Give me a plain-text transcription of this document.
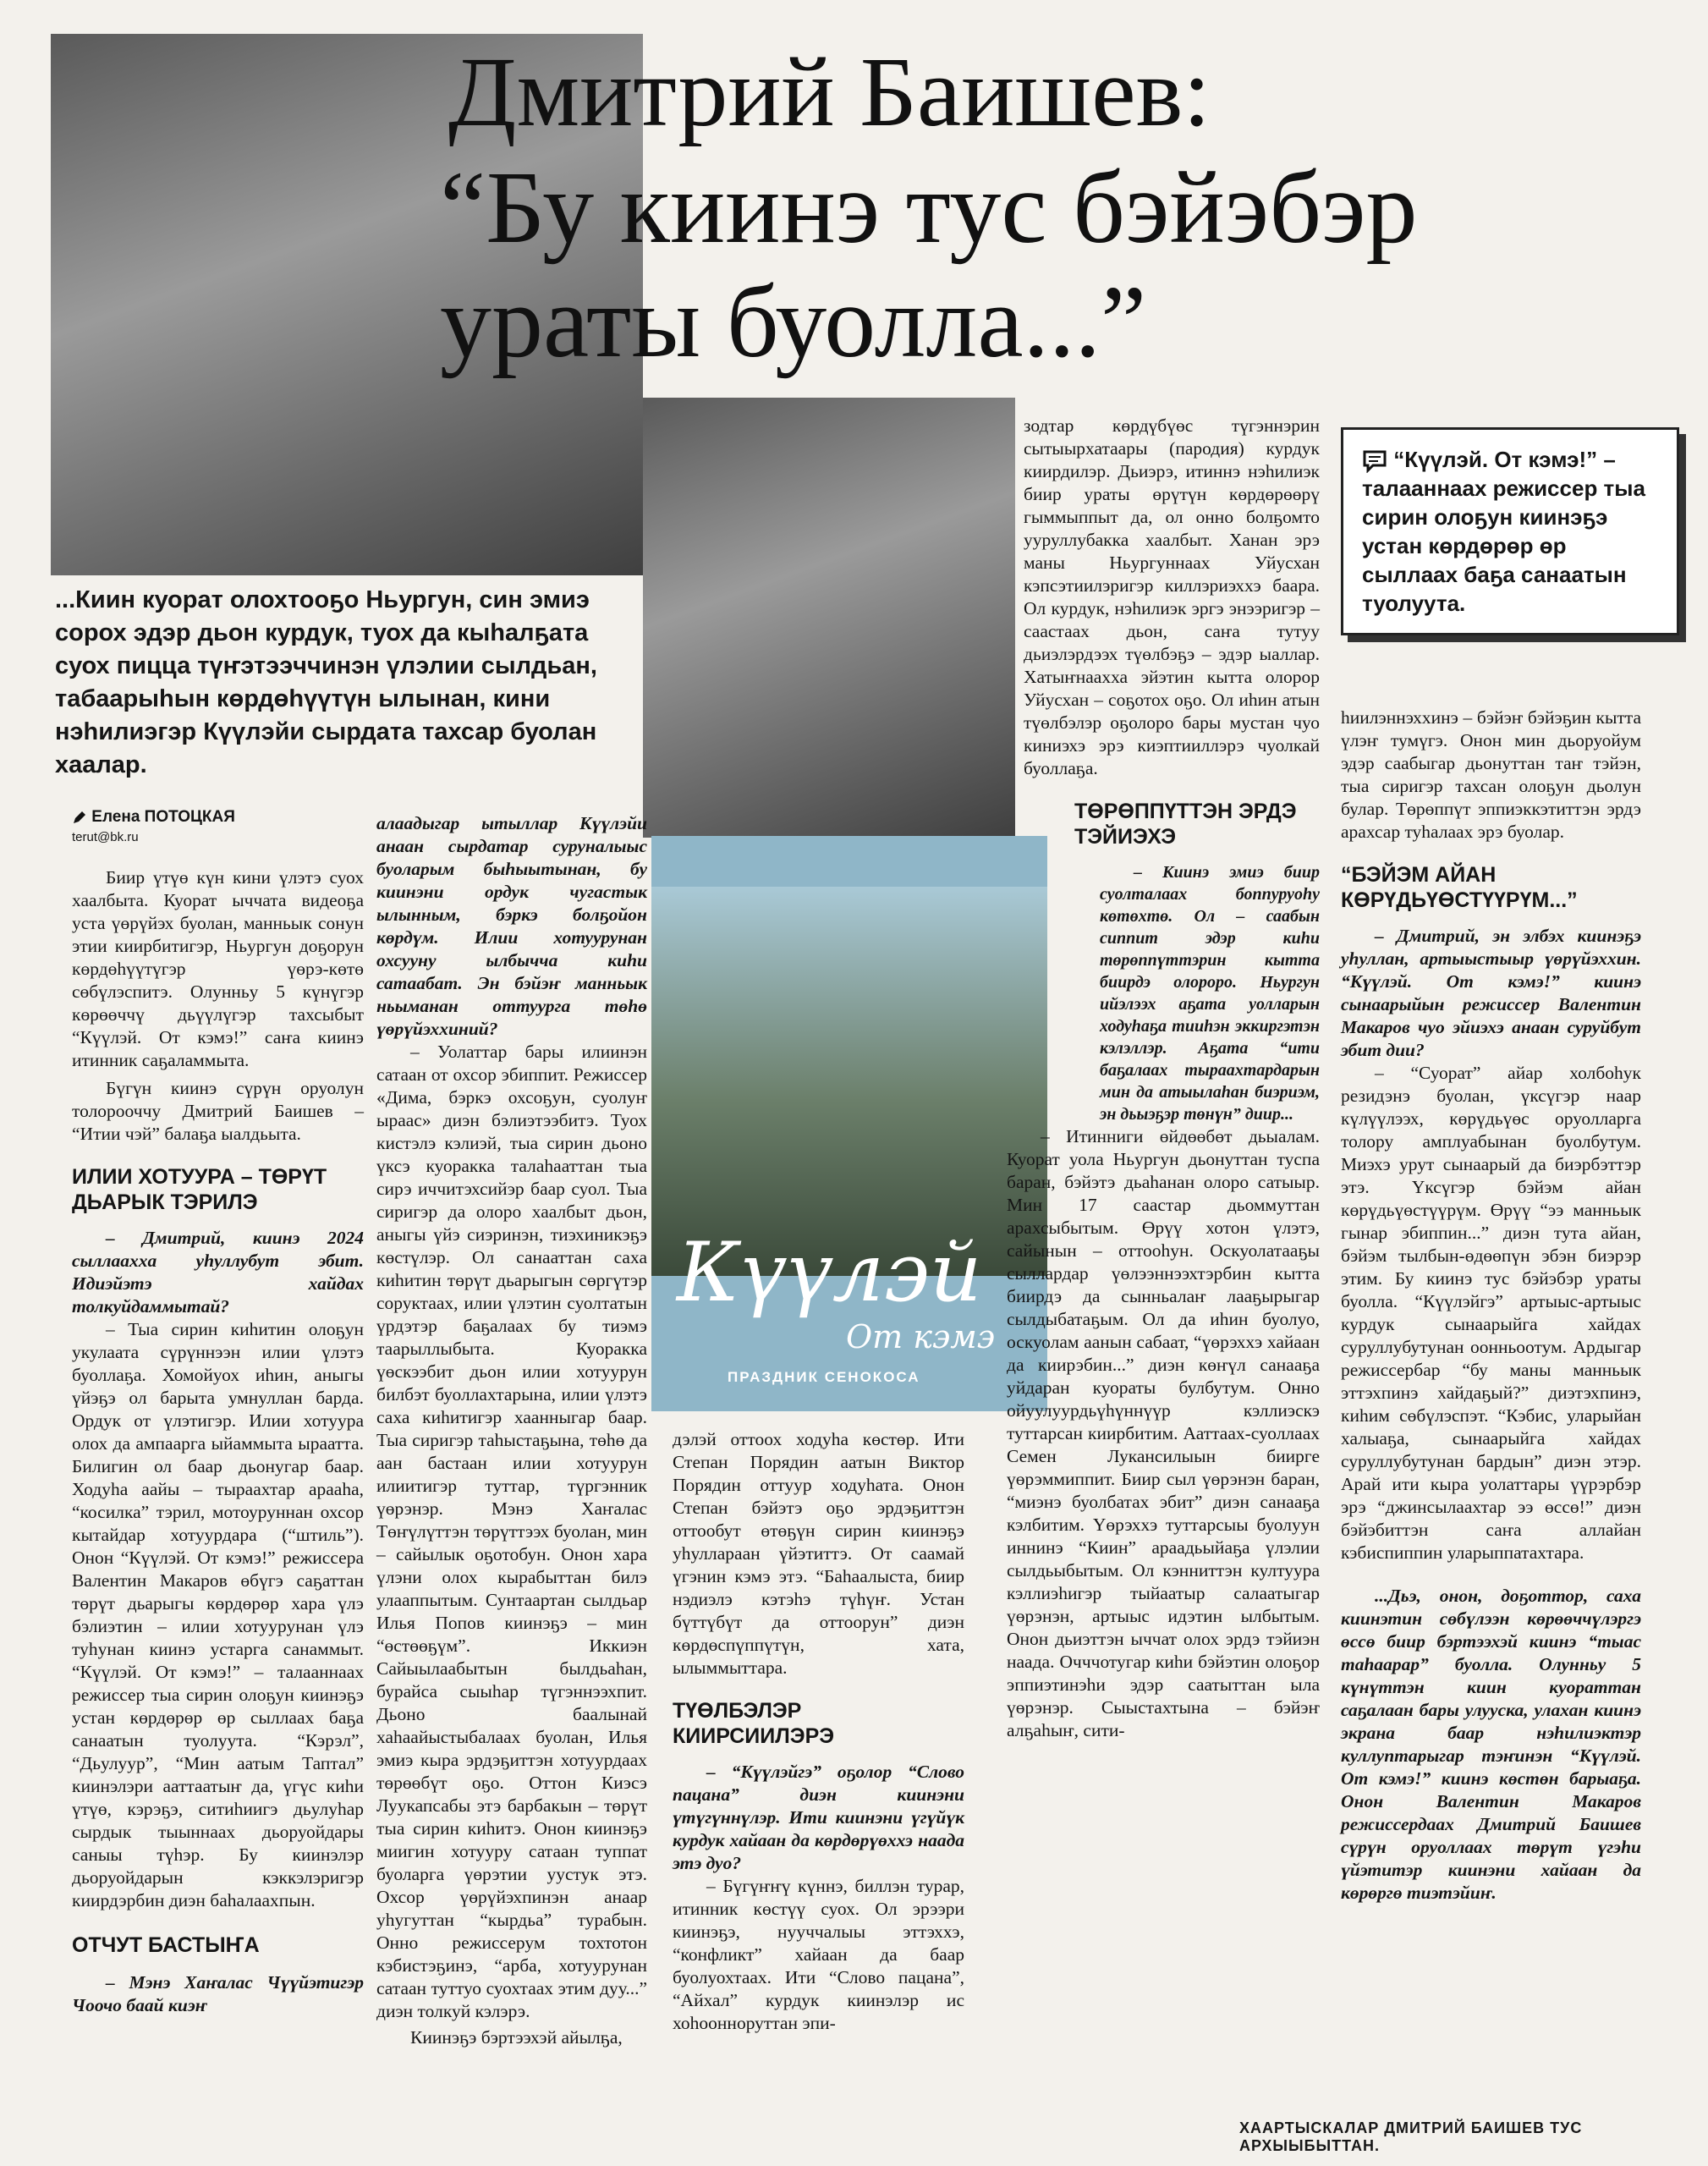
Күүлэй
От кэмэ
ПРАЗДНИК СЕНОКОСА
Дмитрий Баишев:
“Бу киинэ тус бэйэбэр
ураты буолла...”
...Киин куорат олохтооҕо Ньургун, син эмиэ сорох эдэр дьон курдук, туох да кыһалҕата суох пицца түҥэтээччинэн үлэлии сылдьан, табаарыһын көрдөһүүтүн ылынан, кини нэһилиэгэр Күүлэйи сырдата тахсар буолан хаалар.
“Күүлэй. От кэмэ!” – талааннаах режиссер тыа сирин олоҕун киинэҕэ устан көрдөрөр өр сыллаах баҕа санаатын туолуута.
Елена ПОТОЦКАЯ
terut@bk.ru

Биир үтүө күн кини үлэтэ суох хаалбыта. Куорат ыччата видеоҕа уста үөрүйэх буолан, манньык сонун этии киирбитигэр, Ньургун доҕорун көрдөһүүтүгэр үөрэ-көтө сөбүлэспитэ. Олунньу 5 күнүгэр көрөөччү дьүүлүгэр тахсыбыт “Күүлэй. От кэмэ!” саҥа киинэ итинник саҕаламмыта.

Бүгүн киинэ сүрүн оруолун толорооччу Дмитрий Баишев – “Итии чэй” балаҕа ыалдьыта.

ИЛИИ ХОТУУРА – ТӨРҮТ ДЬАРЫК ТЭРИЛЭ

– Дмитрий, киинэ 2024 сыллааххa уһуллубут эбит. Идиэйэтэ хайдах толкуйдаммытай?

– Тыа сирин киһитин олоҕун укулаата сүрүннээн илии үлэтэ буоллаҕа. Хомойуох иһин, аныгы үйэҕэ ол барыта умнуллан барда. Ордук от үлэтигэр. Илии хотуура олох да ампаарга ыйаммыта ыраатта. Билигин ол баар дьонугар баар. Ходуһа аайы – тыраахтар арааһа, “косилка” тэрил, мотоуруннан охсор кытайдар хотуурдара (“штиль”). Онон “Күүлэй. От кэмэ!” режиссера Валентин Макаров өбүгэ саҕаттан төрүт дьарыгы көрдөрөр хара үлэ бэлиэтин – илии хотуурунан үлэ туһунан киинэ устарга санаммыт. “Күүлэй. От кэмэ!” – талааннаах режиссер тыа сирин олоҕун киинэҕэ устан көрдөрөр өр сыллаах баҕа санаатын туолуута. “Кэрэл”, “Дьулуур”, “Мин аатым Таптал” киинэлэри ааттаатыҥ да, үгүс киһи үтүө, кэрэҕэ, ситиһиигэ дьулуһар сырдык тыыннаах дьоруойдары саныы түһэр. Бу киинэлэр дьоруойдарын кэккэлэригэр киирдэрбин диэн баһалаахпын.

ОТЧУТ БАСТЫҤА

– Мэнэ Хаҥалас Чүүйэтигэр Чоочо баай киэҥ

алаадыгар ытыллар Күүлэйи анаан сырдатар сурунaлыыс буоларым быһыытынан, бу киинэни ордук чугастык ылынным, бэркэ болҕойон көрдүм. Илии хотуурунан охсууну ылбычча киһи сатаабат. Эн бэйэҥ манньык ньыманан оттуурга төһө үөрүйэххиний?

– Уолаттар бары илиинэн сатаан от охсор эбиппит. Режиссер «Дима, бэркэ охсоҕун, суолуҥ ыраас» диэн бэлиэтээбитэ. Туох кистэлэ кэлиэй, тыа сирин дьоно үксэ куоракка талаһааттан тыа сирэ иччитэхсийэр баар суол. Тыа сиригэр да олоро хаалбыт дьон, аныгы үйэ сиэринэн, тиэхиникэҕэ көстүлэр. Ол санааттан саха киһитин төрүт дьарыгын сөргүтэр соруктаах, илии үлэтин суолтатын үрдэтэр баҕалаах бу тиэмэ таарыллыбыта. Куоракка үөскээбит дьон илии хотуурун билбэт буоллахтарына, илии үлэтэ саха киһитигэр хаанныгар баар. Тыа сиригэр таһыстаҕына, төһө да аан бастаан илии хотуурун илиитигэр туттар, түргэнник үөрэнэр. Мэнэ Хаҥалас Төҥүлүттэн төрүттээх буолан, мин – сайылык оҕотобун. Онон хара үлэни олох кырабыттан билэ улааппытым. Сунтаартан сылдьар Илья Попов киинэҕэ – мин “өстөөҕүм”. Иккиэн Сайыылаабытын былдьаһан, бурайса сыыһар түгэннээхпит. Дьоно баалынай хаһаайыстыбалаах буолан, Илья эмиэ кыра эрдэҕиттэн хотуурдаах төрөөбүт оҕо. Оттон Киэсэ Луукапсабы этэ барбакын – төрүт тыа сирин киһитэ. Онон киинэҕэ миигин хотууру сатаан туппат буоларга үөрэтии уустук этэ. Охсор үөрүйэхпинэн анаар уһугуттан “кырдьа” турабын. Онно режиссерум тохтотон кэбистэҕинэ, “арба, хотуурунан сатаан туттуо суохтаах этим дуу...” диэн толкуй кэлэрэ.

Киинэҕэ бэртээхэй айылҕа,

дэлэй оттоох ходуһа көстөр. Ити Степан Порядин аатын Виктор Порядин оттуур ходуһата. Онон Степан бэйэтэ оҕо эрдэҕиттэн оттообут өтөҕүн сирин киинэҕэ уһуллараан үйэтиттэ. От саамай үгэнин кэмэ этэ. “Баһаалыста, биир нэдиэлэ кэтэһэ түһүҥ. Устан бүттүбүт да оттоорун” диэн көрдөспүппүтүн, хата, ылыммыттара.

ТҮӨЛБЭЛЭР КИИРСИИЛЭРЭ

– “Күүлэйгэ” оҕолор “Слово пацана” диэн киинэни үтүгүннүлэр. Ити киинэни үгүйүк курдук хайаан да көрдөрүөххэ наада этэ дуо?

– Бүгүҥҥү күннэ, биллэн турар, итинник көстүү суох. Ол эрээри киинэҕэ, нууччалыы эттэххэ, “конфликт” хайаан да баар буолуохтаах. Ити “Слово пацана”, “Айхал” курдук киинэлэр ис хоһоонноруттан эпи-

зодтар көрдүбүөс түгэннэрин сытыырхатаары (пародия) курдук киирдилэр. Дьиэрэ, итиннэ нэһилиэк биир ураты өрүтүн көрдөрөөрү гыммыппыт да, ол онно болҕомто ууруллубакка хаалбыт. Ханан эрэ маны Ньургуннаах Уйусхан кэпсэтиилэригэр киллэриэххэ баара. Ол курдук, нэһилиэк эргэ энээригэр – саастаах дьон, саҥа тутуу дьиэлэрдээх түөлбэҕэ – эдэр ыаллар. Хатыҥнаахха эйэтин кытта олорор Уйусхан – соҕотох оҕо. Ол иһин атын түөлбэлэр оҕолоро бары мустан чуо киниэхэ эрэ киэптииллэрэ чуолкай буоллаҕа.

ТӨРӨППҮТТЭН ЭРДЭ ТЭЙИЭХЭ

– Киинэ эмиэ биир суолталаах боппуруоһу көтөхтө. Ол – саабын сиппит эдэр киһи төрөппүттэрин кытта биирдэ олороро. Ньургун ийэлээх аҕата уолларын ходуһаҕа тииһэн эккиргэтэн кэлэллэр. Аҕата “ити баҕалаах тыраахтардарын мин да атыылаһан биэриэм, эн дьыэҕэр төнүн” диир...

– Итинниги өйдөөбөт дьыалам. Куорат уола Ньургун дьонуттан туспа баран, бэйэтэ дьаһанан олоро сатыыр. Мин 17 саастар дьоммуттан арахсыбытым. Өрүү хотон үлэтэ, сайынын – оттооһун. Оскуолатааҕы сыллардар үөлээннээхтэрбин кытта биирдэ да сынньалаҥ лааҕырыгар сылдыбатаҕым. Ол да иһин буолуо, оскуолам аанын сабаат, “үөрэххэ хайаан да киирэбин...” диэн көҥүл санааҕа уйдаран куораты булбутум. Онно ойуулуурдьүһүннүүр кэллиэскэ туттарсан киирбитим. Ааттаах-суоллаах Семен Лукансилыын биирге үөрэммиппит. Биир сыл үөрэнэн баран, “миэнэ буолбатах эбит” диэн санааҕа кэлбитим. Үөрэххэ туттарсыы буолуун иннинэ “Киин” араадьыйаҕа үлэлии сылдьыбытым. Ол кэнниттэн култуура кэллиэһигэр тыйаатыр салаатыгар үөрэнэн, артыыс идэтин ылбытым. Онон дьиэттэн ыччат олох эрдэ тэйиэн наада. Очччотугар киһи бэйэтин олоҕор эппиэтинэһи эдэр саатыттан ыла үөрэнэр. Сыыстахтына – бэйэҥ алҕаһыҥ, сити-

һиилэннэххинэ – бэйэҥ бэйэҕин кытта үлэҥ тумүгэ. Онон мин дьоруойум эдэр саабыгар дьонуттан таҥ тэйэн, тыа сиригэр тахсан олоҕун дьолун булар. Төрөппүт эппиэккэтиттэн эрдэ арахсар туһалаах эрэ буолар.

“БЭЙЭМ АЙАН КӨРҮДЬҮӨСТҮҮРҮМ...”

– Дмитрий, эн элбэх киинэҕэ уһуллан, артыыстыыр үөрүйэххин. “Күүлэй. От кэмэ!” киинэ сынаарыйын режиссер Валентин Макаров чуо эйиэхэ анаан суруйбут эбит дии?

– “Суорат” айар холбоһук резидэнэ буолан, үксүгэр наар күлүүлээх, көрүдьүөс оруолларга толору амплуабынан буолбутум. Миэхэ урут сынаарый да биэрбэттэр этэ. Үксүгэр бэйэм айан көрүдьүөстүүрүм. Өрүү “ээ манньык гынар эбиппин...” диэн тута айан, бэйэм тылбын-өдөөпүн эбэн биэрэр этим. Бу киинэ тус бэйэбэр ураты буолла. “Күүлэйгэ” артыыс-артыыс курдук сынаарыйга хайдах суруллубутунан оонньоотум. Ардыгар режиссербар “бу маны манньык эттэхпинэ хайдаҕый?” диэтэхпинэ, киһим сөбүлэспэт. “Кэбис, уларыйан халыаҕа, сынаарыйга хайдах суруллубутунан бардын” диэн этэр. Арай ити кыра уолаттары үүрэрбэр эрэ “джинсылаахтар ээ өссө!” диэн бэйэбиттэн саҥа аллайан кэбиспиппин уларыппатахтара.

...Дьэ, онон, доҕоттор, саха киинэтин сөбүлээн көрөөччүлэргэ өссө биир бэртээхэй киинэ “тыас таһаарар” буолла. Олунньу 5 күнүттэн киин куораттан саҕалаан бары улууска, улахан киинэ экранa баар нэһилиэктэр куллуптарыгар тэҥинэн “Күүлэй. От кэмэ!” киинэ көстөн барыаҕа. Онон Валентин Макаров режиссердаах Дмитрий Баишев сүрүн оруоллаах төрүт үгэһи үйэтитэр киинэни хайаан да көрөргө тиэтэйиҥ.

ХААРТЫСКАЛАР ДМИТРИЙ БАИШЕВ ТУС АРХЫЫБЫТТАН.
